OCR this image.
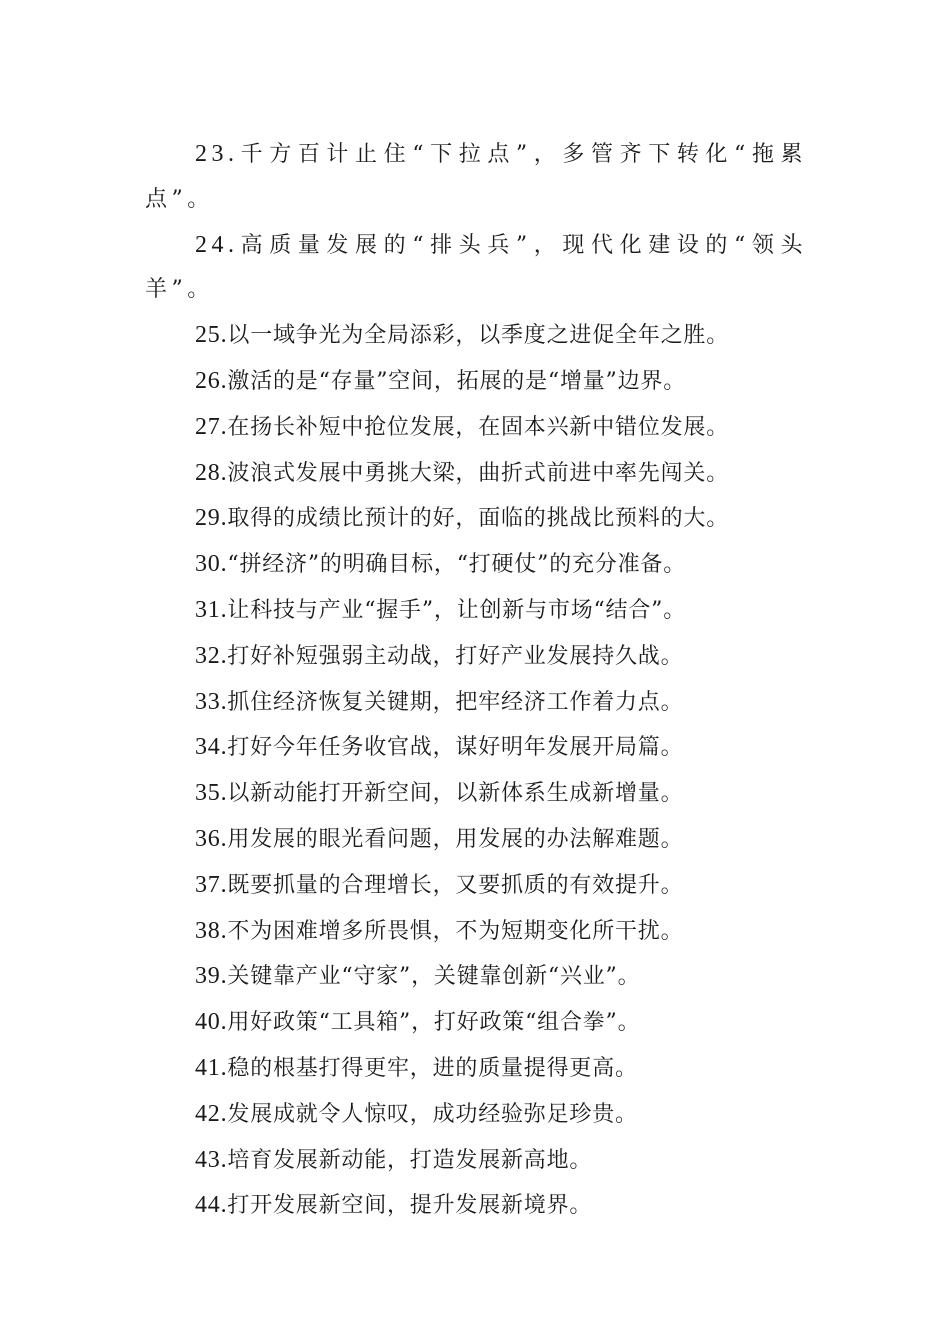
23.千方百计止住“下拉点”，多管齐下转化“拖累点”。

24.高质量发展的“排头兵”，现代化建设的“领头羊”。

25.以一域争光为全局添彩，以季度之进促全年之胜。

26.激活的是“存量”空间，拓展的是“增量”边界。

27.在扬长补短中抢位发展，在固本兴新中错位发展。

28.波浪式发展中勇挑大梁，曲折式前进中率先闯关。

29.取得的成绩比预计的好，面临的挑战比预料的大。

30.“拼经济”的明确目标，“打硬仗”的充分准备。

31.让科技与产业“握手”，让创新与市场“结合”。

32.打好补短强弱主动战，打好产业发展持久战。

33.抓住经济恢复关键期，把牢经济工作着力点。

34.打好今年任务收官战，谋好明年发展开局篇。

35.以新动能打开新空间，以新体系生成新增量。

36.用发展的眼光看问题，用发展的办法解难题。

37.既要抓量的合理增长，又要抓质的有效提升。

38.不为困难增多所畏惧，不为短期变化所干扰。

39.关键靠产业“守家”，关键靠创新“兴业”。

40.用好政策“工具箱”，打好政策“组合拳”。

41.稳的根基打得更牢，进的质量提得更高。

42.发展成就令人惊叹，成功经验弥足珍贵。

43.培育发展新动能，打造发展新高地。

44.打开发展新空间，提升发展新境界。
